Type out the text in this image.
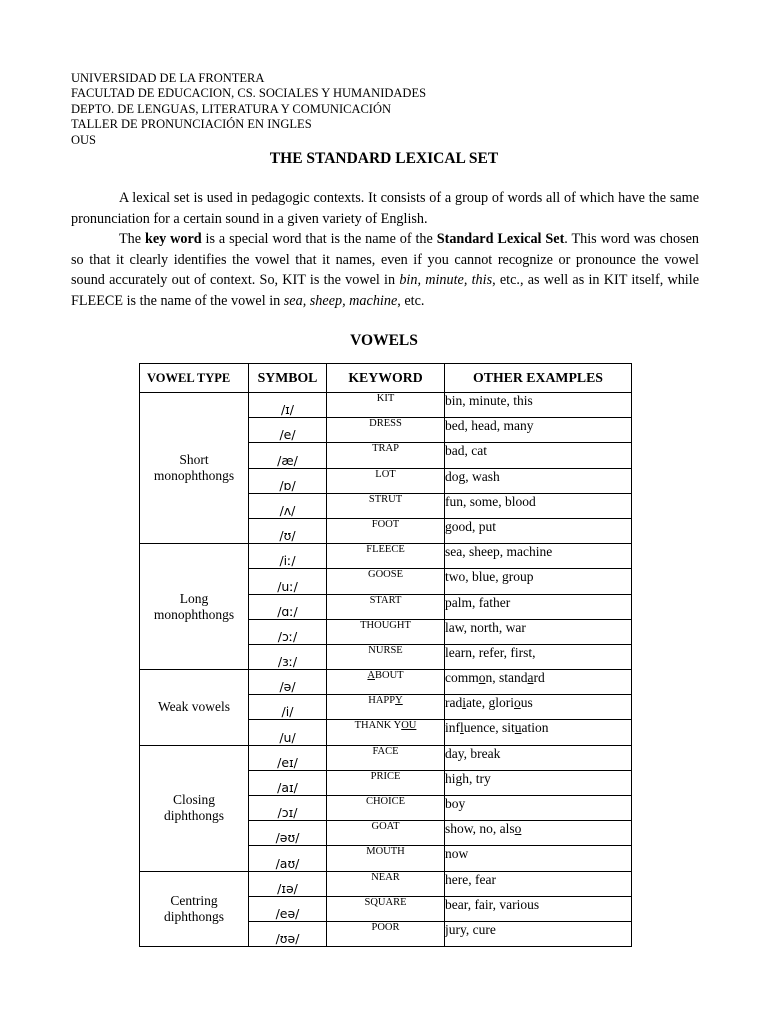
UNIVERSIDAD DE LA FRONTERA
FACULTAD DE EDUCACION, CS. SOCIALES Y HUMANIDADES
DEPTO. DE LENGUAS, LITERATURA Y COMUNICACIÓN
TALLER DE PRONUNCIACIÓN EN INGLES
OUS
THE STANDARD LEXICAL SET

A lexical set is used in pedagogic contexts. It consists of a group of words all of which have the same pronunciation for a certain sound in a given variety of English.

The key word is a special word that is the name of the Standard Lexical Set. This word was chosen so that it clearly identifies the vowel that it names, even if you cannot recognize or pronounce the vowel sound accurately out of context. So, KIT is the vowel in bin, minute, this, etc., as well as in KIT itself, while FLEECE is the name of the vowel in sea, sheep, machine, etc.

VOWELS
VOWEL TYPE	SYMBOL	KEYWORD	OTHER EXAMPLES
Short
monophthongs	/ɪ/	KIT	bin, minute, this
	/e/	DRESS	bed, head, many
	/æ/	TRAP	bad, cat
	/ɒ/	LOT	dog, wash
	/ʌ/	STRUT	fun, some, blood
	/ʊ/	FOOT	good, put
Long
monophthongs	/iː/	FLEECE	sea, sheep, machine
	/uː/	GOOSE	two, blue, group
	/ɑː/	START	palm, father
	/ɔː/	THOUGHT	law, north, war
	/ɜː/	NURSE	learn, refer, first,
Weak vowels	/ə/	ABOUT	common, standard
	/i/	HAPPY	radiate, glorious
	/u/	THANK YOU	influence, situation
Closing
diphthongs	/eɪ/	FACE	day, break
	/aɪ/	PRICE	high, try
	/ɔɪ/	CHOICE	boy
	/əʊ/	GOAT	show, no, also
	/aʊ/	MOUTH	now
Centring
diphthongs	/ɪə/	NEAR	here, fear
	/eə/	SQUARE	bear, fair, various
	/ʊə/	POOR	jury, cure
